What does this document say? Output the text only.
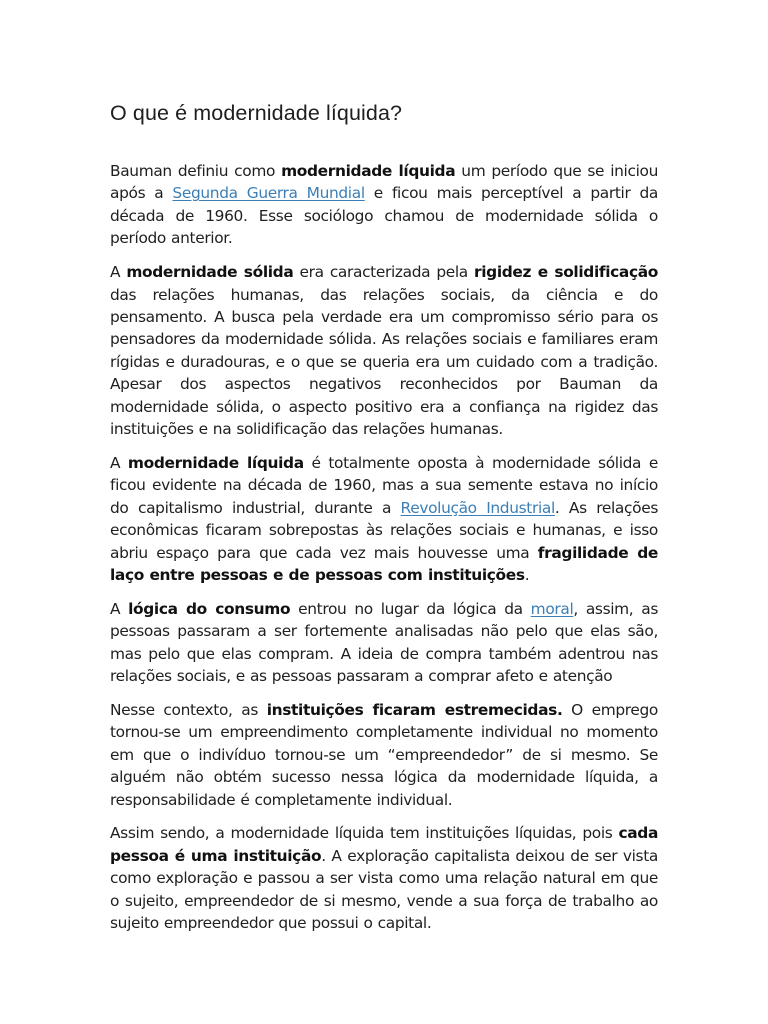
O que é modernidade líquida?

Bauman definiu como modernidade líquida um período que se iniciou após a Segunda Guerra Mundial e ficou mais perceptível a partir da década de 1960. Esse sociólogo chamou de modernidade sólida o período anterior.

A modernidade sólida era caracterizada pela rigidez e solidificação das relações humanas, das relações sociais, da ciência e do pensamento. A busca pela verdade era um compromisso sério para os pensadores da modernidade sólida. As relações sociais e familiares eram rígidas e duradouras, e o que se queria era um cuidado com a tradição. Apesar dos aspectos negativos reconhecidos por Bauman da modernidade sólida, o aspecto positivo era a confiança na rigidez das instituições e na solidificação das relações humanas.

A modernidade líquida é totalmente oposta à modernidade sólida e ficou evidente na década de 1960, mas a sua semente estava no início do capitalismo industrial, durante a Revolução Industrial. As relações econômicas ficaram sobrepostas às relações sociais e humanas, e isso abriu espaço para que cada vez mais houvesse uma fragilidade de laço entre pessoas e de pessoas com instituições.

A lógica do consumo entrou no lugar da lógica da moral, assim, as pessoas passaram a ser fortemente analisadas não pelo que elas são, mas pelo que elas compram. A ideia de compra também adentrou nas relações sociais, e as pessoas passaram a comprar afeto e atenção

Nesse contexto, as instituições ficaram estremecidas. O emprego tornou-se um empreendimento completamente individual no momento em que o indivíduo tornou-se um “empreendedor” de si mesmo. Se alguém não obtém sucesso nessa lógica da modernidade líquida, a responsabilidade é completamente individual.

Assim sendo, a modernidade líquida tem instituições líquidas, pois cada pessoa é uma instituição. A exploração capitalista deixou de ser vista como exploração e passou a ser vista como uma relação natural em que o sujeito, empreendedor de si mesmo, vende a sua força de trabalho ao sujeito empreendedor que possui o capital.
